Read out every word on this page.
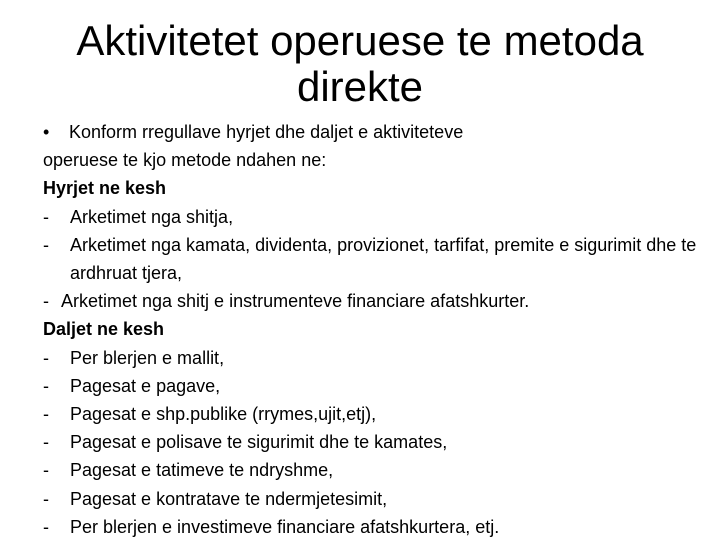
Aktivitetet operuese te metoda direkte
• Konform rregullave hyrjet dhe daljet e aktiviteteve
operuese te kjo metode ndahen ne:
Hyrjet ne kesh
- Arketimet nga shitja,
- Arketimet nga kamata, dividenta, provizionet, tarfifat, premite e sigurimit dhe te ardhruat tjera,
- Arketimet nga shitj e instrumenteve financiare afatshkurter.
Daljet ne kesh
- Per blerjen e mallit,
- Pagesat e pagave,
- Pagesat e shp.publike (rrymes,ujit,etj),
- Pagesat e polisave te sigurimit dhe te kamates,
- Pagesat e tatimeve te ndryshme,
- Pagesat e kontratave te ndermjetesimit,
- Per blerjen e investimeve financiare afatshkurtera, etj.
